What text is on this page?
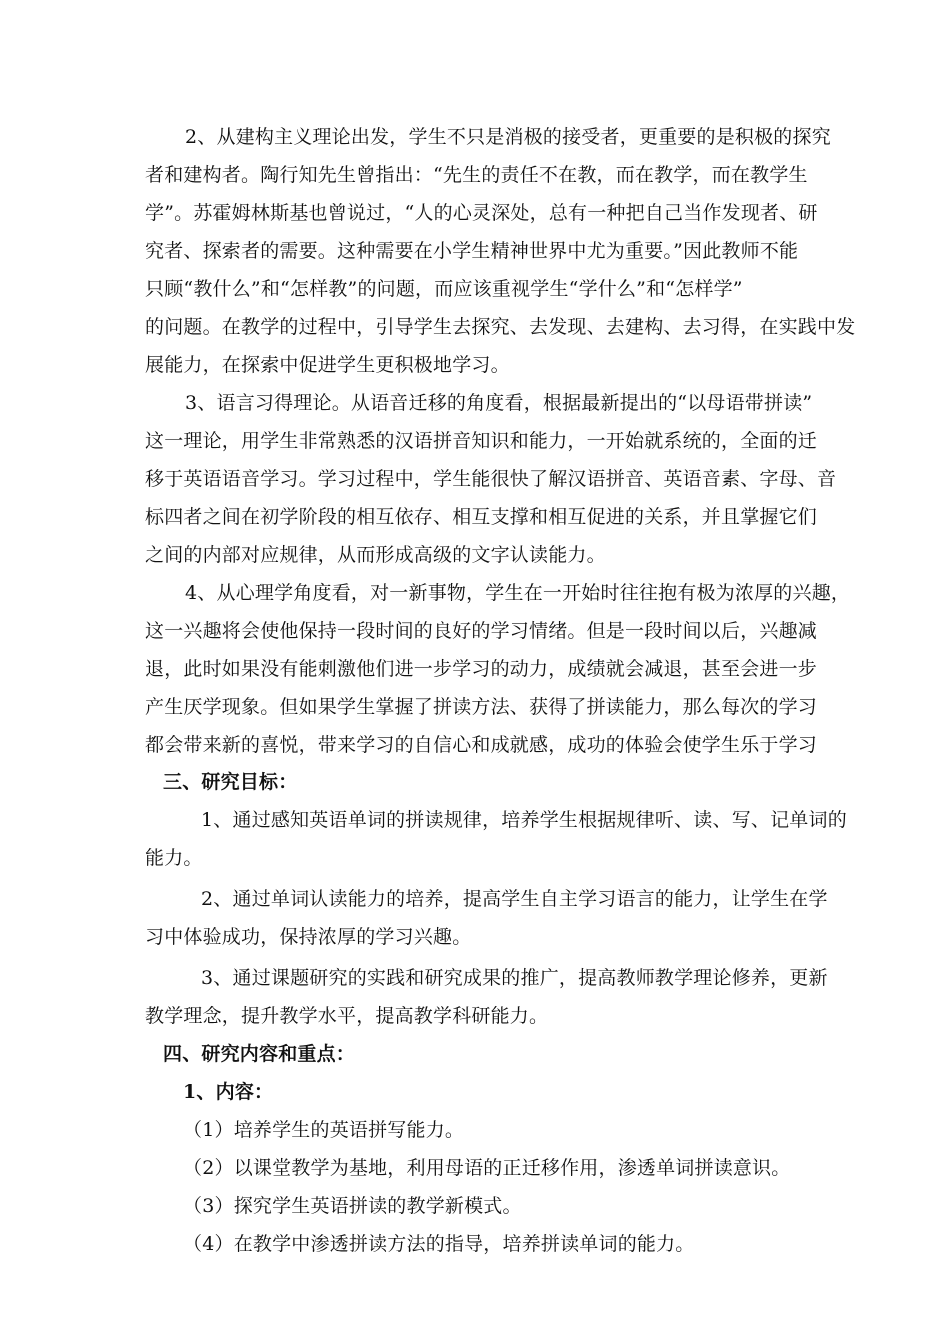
2、从建构主义理论出发，学生不只是消极的接受者，更重要的是积极的探究
者和建构者。陶行知先生曾指出：“先生的责任不在教，而在教学，而在教学生
学”。苏霍姆林斯基也曾说过，“人的心灵深处，总有一种把自己当作发现者、研
究者、探索者的需要。这种需要在小学生精神世界中尤为重要。”因此教师不能
只顾“教什么”和“怎样教”的问题，而应该重视学生“学什么”和“怎样学”
的问题。在教学的过程中，引导学生去探究、去发现、去建构、去习得，在实践中发
展能力，在探索中促进学生更积极地学习。
3、语言习得理论。从语音迁移的角度看，根据最新提出的“以母语带拼读”
这一理论，用学生非常熟悉的汉语拼音知识和能力，一开始就系统的，全面的迁
移于英语语音学习。学习过程中，学生能很快了解汉语拼音、英语音素、字母、音
标四者之间在初学阶段的相互依存、相互支撑和相互促进的关系，并且掌握它们
之间的内部对应规律，从而形成高级的文字认读能力。
4、从心理学角度看，对一新事物，学生在一开始时往往抱有极为浓厚的兴趣，
这一兴趣将会使他保持一段时间的良好的学习情绪。但是一段时间以后，兴趣减
退，此时如果没有能刺激他们进一步学习的动力，成绩就会减退，甚至会进一步
产生厌学现象。但如果学生掌握了拼读方法、获得了拼读能力，那么每次的学习
都会带来新的喜悦，带来学习的自信心和成就感，成功的体验会使学生乐于学习
三、研究目标：
1、通过感知英语单词的拼读规律，培养学生根据规律听、读、写、记单词的
能力。
2、通过单词认读能力的培养，提高学生自主学习语言的能力，让学生在学
习中体验成功，保持浓厚的学习兴趣。
3、通过课题研究的实践和研究成果的推广，提高教师教学理论修养，更新
教学理念，提升教学水平，提高教学科研能力。
四、研究内容和重点：
1、内容：
（1）培养学生的英语拼写能力。
（2）以课堂教学为基地，利用母语的正迁移作用，渗透单词拼读意识。
（3）探究学生英语拼读的教学新模式。
（4）在教学中渗透拼读方法的指导，培养拼读单词的能力。
